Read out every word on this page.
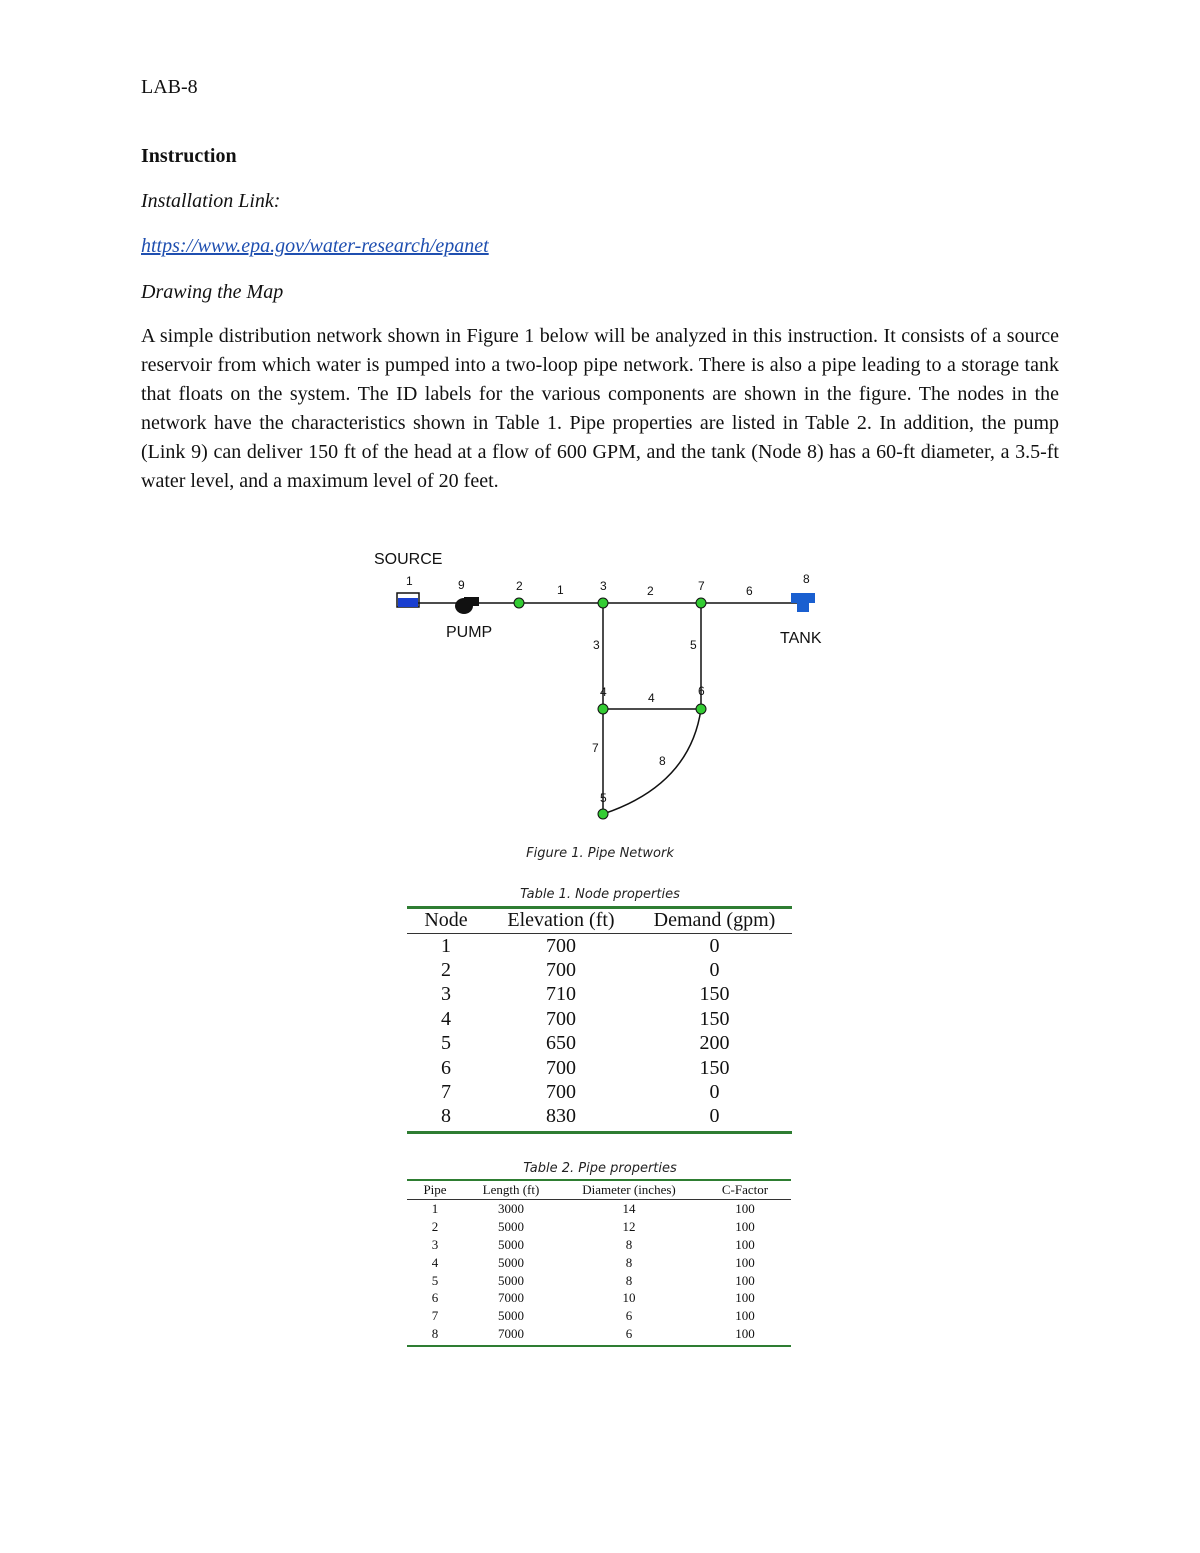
LAB-8
Instruction
Installation Link:
https://www.epa.gov/water-research/epanet
Drawing the Map
A simple distribution network shown in Figure 1 below will be analyzed in this instruction. It consists of a source reservoir from which water is pumped into a two-loop pipe network. There is also a pipe leading to a storage tank that floats on the system. The ID labels for the various components are shown in the figure. The nodes in the network have the characteristics shown in Table 1. Pipe properties are listed in Table 2. In addition, the pump (Link 9) can deliver 150 ft of the head at a flow of 600 GPM, and the tank (Node 8) has a 60-ft diameter, a 3.5-ft water level, and a maximum level of 20 feet.
SOURCE
PUMP	TANK
1	9	2	1	3	2	7	6
8
3	5
4	4	6
7
8
5
Figure 1. Pipe Network
Table 1. Node properties
Node	Elevation (ft)	Demand (gpm)
1	700	0
2	700	0
3	710	150
4	700	150
5	650	200
6	700	150
7	700	0
8	830	0
Table 2. Pipe properties
Pipe	Length (ft)	Diameter (inches)	C-Factor
1	3000	14	100
2	5000	12	100
3	5000	8	100
4	5000	8	100
5	5000	8	100
6	7000	10	100
7	5000	6	100
8	7000	6	100
